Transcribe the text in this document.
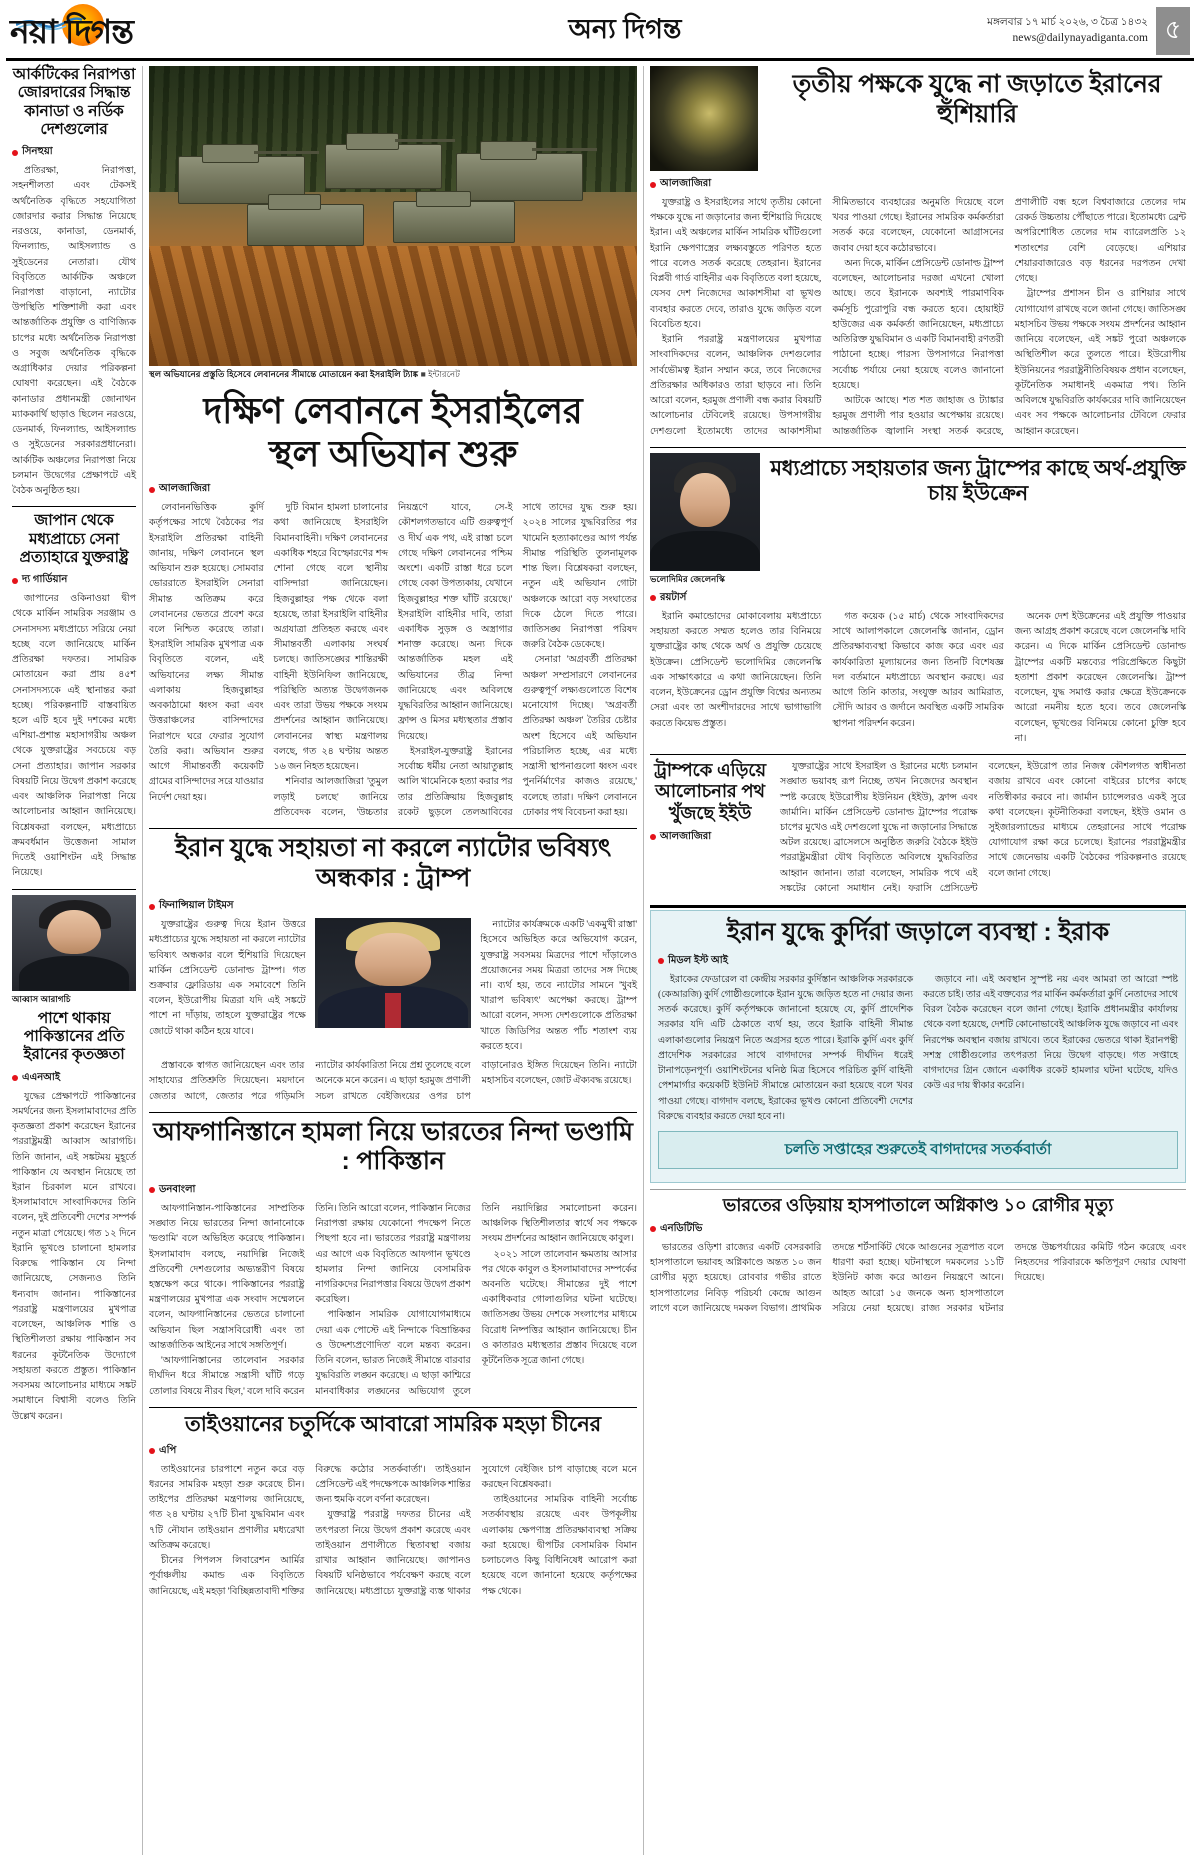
নয়া দিগন্ত	অন্য দিগন্ত	মঙ্গলবার ১৭ মার্চ ২০২৬, ৩ চৈত্র ১৪৩২
news@dailynayadiganta.com ৫
আর্কটিকের নিরাপত্তা জোরদারের সিদ্ধান্ত কানাডা ও নর্ডিক দেশগুলোর
সিনহুয়া

প্রতিরক্ষা, নিরাপত্তা, সহনশীলতা এবং টেকসই অর্থনৈতিক বৃদ্ধিতে সহযোগিতা জোরদার করার সিদ্ধান্ত নিয়েছে নরওয়ে, কানাডা, ডেনমার্ক, ফিনল্যান্ড, আইসল্যান্ড ও সুইডেনের নেতারা। যৌথ বিবৃতিতে আর্কটিক অঞ্চলে নিরাপত্তা বাড়ানো, ন্যাটোর উপস্থিতি শক্তিশালী করা এবং আন্তর্জাতিক প্রযুক্তি ও বাণিজ্যিক চাপের মধ্যে অর্থনৈতিক নিরাপত্তা ও সবুজ অর্থনৈতিক বৃদ্ধিকে অগ্রাধিকার দেয়ার পরিকল্পনা ঘোষণা করেছেন। এই বৈঠকে কানাডার প্রধানমন্ত্রী জোনাথন ম্যাককার্থি ছাড়াও ছিলেন নরওয়ে, ডেনমার্ক, ফিনল্যান্ড, আইসল্যান্ড ও সুইডেনের সরকারপ্রধানেরা। আর্কটিক অঞ্চলের নিরাপত্তা নিয়ে চলমান উদ্বেগের প্রেক্ষাপটে এই বৈঠক অনুষ্ঠিত হয়।

জাপান থেকে মধ্যপ্রাচ্যে সেনা প্রত্যাহারে যুক্তরাষ্ট্র
দ্য গার্ডিয়ান

জাপানের ওকিনাওয়া দ্বীপ থেকে মার্কিন সামরিক সরঞ্জাম ও সেনাসদস্য মধ্যপ্রাচ্যে সরিয়ে নেয়া হচ্ছে বলে জানিয়েছে মার্কিন প্রতিরক্ষা দফতর। সামরিক মোতায়েন করা প্রায় ৪৫শ সেনাসদস্যকে এই স্থানান্তর করা হচ্ছে। পরিকল্পনাটি বাস্তবায়িত হলে এটি হবে দুই দশকের মধ্যে এশিয়া-প্রশান্ত মহাসাগরীয় অঞ্চল থেকে যুক্তরাষ্ট্রের সবচেয়ে বড় সেনা প্রত্যাহার। জাপান সরকার বিষয়টি নিয়ে উদ্বেগ প্রকাশ করেছে এবং আঞ্চলিক নিরাপত্তা নিয়ে আলোচনার আহ্বান জানিয়েছে। বিশ্লেষকরা বলছেন, মধ্যপ্রাচ্যে ক্রমবর্ধমান উত্তেজনা সামাল দিতেই ওয়াশিংটন এই সিদ্ধান্ত নিয়েছে।

আব্বাস আরাগচি
পাশে থাকায় পাকিস্তানের প্রতি ইরানের কৃতজ্ঞতা
এএনআই

যুদ্ধের প্রেক্ষাপটে পাকিস্তানের সমর্থনের জন্য ইসলামাবাদের প্রতি কৃতজ্ঞতা প্রকাশ করেছেন ইরানের পররাষ্ট্রমন্ত্রী আব্বাস আরাগচি। তিনি জানান, এই সঙ্কটময় মুহূর্তে পাকিস্তান যে অবস্থান নিয়েছে তা ইরান চিরকাল মনে রাখবে। ইসলামাবাদে সাংবাদিকদের তিনি বলেন, দুই প্রতিবেশী দেশের সম্পর্ক নতুন মাত্রা পেয়েছে। গত ১২ দিনে ইরানি ভূখণ্ডে চালানো হামলার বিরুদ্ধে পাকিস্তান যে নিন্দা জানিয়েছে, সেজন্যও তিনি ধন্যবাদ জানান। পাকিস্তানের পররাষ্ট্র মন্ত্রণালয়ের মুখপাত্র বলেছেন, আঞ্চলিক শান্তি ও স্থিতিশীলতা রক্ষায় পাকিস্তান সব ধরনের কূটনৈতিক উদ্যোগে সহায়তা করতে প্রস্তুত। পাকিস্তান সবসময় আলোচনার মাধ্যমে সঙ্কট সমাধানে বিশ্বাসী বলেও তিনি উল্লেখ করেন।

স্থল অভিযানের প্রস্তুতি হিসেবে লেবাননের সীমান্তে মোতায়েন করা ইসরাইলি ট্যাঙ্ক ■ ইন্টারনেট
দক্ষিণ লেবাননে ইসরাইলের
স্থল অভিযান শুরু
আলজাজিরা

লেবাননভিত্তিক কুর্দি কর্তৃপক্ষের সাথে বৈঠকের পর ইসরাইলি প্রতিরক্ষা বাহিনী জানায়, দক্ষিণ লেবাননে স্থল অভিযান শুরু হয়েছে। সোমবার ভোররাতে ইসরাইলি সেনারা সীমান্ত অতিক্রম করে লেবাননের ভেতরে প্রবেশ করে বলে নিশ্চিত করেছে তারা। ইসরাইলি সামরিক মুখপাত্র এক বিবৃতিতে বলেন, এই অভিযানের লক্ষ্য সীমান্ত এলাকায় হিজবুল্লাহর অবকাঠামো ধ্বংস করা এবং উত্তরাঞ্চলের বাসিন্দাদের নিরাপদে ঘরে ফেরার সুযোগ তৈরি করা। অভিযান শুরুর আগে সীমান্তবর্তী কয়েকটি গ্রামের বাসিন্দাদের সরে যাওয়ার নির্দেশ দেয়া হয়।

দুটি বিমান হামলা চালানোর কথা জানিয়েছে ইসরাইলি বিমানবাহিনী। দক্ষিণ লেবাননের একাধিক শহরে বিস্ফোরণের শব্দ শোনা গেছে বলে স্থানীয় বাসিন্দারা জানিয়েছেন। হিজবুল্লাহর পক্ষ থেকে বলা হয়েছে, তারা ইসরাইলি বাহিনীর অগ্রযাত্রা প্রতিহত করছে এবং সীমান্তবর্তী এলাকায় সংঘর্ষ চলছে। জাতিসঙ্ঘের শান্তিরক্ষী বাহিনী ইউনিফিল জানিয়েছে, পরিস্থিতি অত্যন্ত উদ্বেগজনক এবং তারা উভয় পক্ষকে সংযম প্রদর্শনের আহ্বান জানিয়েছে। লেবাননের স্বাস্থ্য মন্ত্রণালয় বলছে, গত ২৪ ঘণ্টায় অন্তত ১৬ জন নিহত হয়েছেন।

শনিবার আলজাজিরা 'তুমুল লড়াই চলছে' জানিয়ে প্রতিবেদক বলেন, 'উচ্চতার নিয়ন্ত্রণে যাবে, সে-ই কৌশলগতভাবে এটি গুরুত্বপূর্ণ ও দীর্ঘ এক পথ, এই রাস্তা চলে গেছে দক্ষিণ লেবাননের পশ্চিম অংশে। একটি রাস্তা ধরে চলে গেছে বেকা উপত্যকায়, যেখানে হিজবুল্লাহর শক্ত ঘাঁটি রয়েছে।' ইসরাইলি বাহিনীর দাবি, তারা একাধিক সুড়ঙ্গ ও অস্ত্রাগার শনাক্ত করেছে। অন্য দিকে আন্তর্জাতিক মহল এই অভিযানের তীব্র নিন্দা জানিয়েছে এবং অবিলম্বে যুদ্ধবিরতির আহ্বান জানিয়েছে। ফ্রান্স ও মিসর মধ্যস্থতার প্রস্তাব দিয়েছে।

ইসরাইল-যুক্তরাষ্ট্র ইরানের সর্বোচ্চ ধর্মীয় নেতা আয়াতুল্লাহ আলি খামেনিকে হত্যা করার পর তার প্রতিক্রিয়ায় হিজবুল্লাহ রকেট ছুড়লে তেলআবিবের সাথে তাদের যুদ্ধ শুরু হয়। ২০২৪ সালের যুদ্ধবিরতির পর খামেনি হত্যাকাণ্ডের আগ পর্যন্ত সীমান্ত পরিস্থিতি তুলনামূলক শান্ত ছিল। বিশ্লেষকরা বলছেন, নতুন এই অভিযান গোটা অঞ্চলকে আরো বড় সংঘাতের দিকে ঠেলে দিতে পারে। জাতিসঙ্ঘ নিরাপত্তা পরিষদ জরুরি বৈঠক ডেকেছে।

সেনারা 'অগ্রবর্তী প্রতিরক্ষা অঞ্চল' সম্প্রসারণে লেবাননের গুরুত্বপূর্ণ লক্ষ্যগুলোতে বিশেষ মনোযোগ দিচ্ছে। 'অগ্রবর্তী প্রতিরক্ষা অঞ্চল' তৈরির চেষ্টার অংশ হিসেবে এই অভিযান পরিচালিত হচ্ছে, এর মধ্যে সন্ত্রাসী স্থাপনাগুলো ধ্বংস এবং পুনর্নির্মাণের কাজও রয়েছে,' বলেছে তারা। দক্ষিণ লেবাননে ঢোকার পথ বিবেচনা করা হয়।

ইরান যুদ্ধে সহায়তা না করলে ন্যাটোর ভবিষ্যৎ অন্ধকার : ট্রাম্প
ফিনান্সিয়াল টাইমস

যুক্তরাষ্ট্রের গুরুত্ব দিয়ে ইরান উত্তরে মধ্যপ্রাচ্যের যুদ্ধে সহায়তা না করলে ন্যাটোর ভবিষ্যৎ অন্ধকার বলে হুঁশিয়ারি দিয়েছেন মার্কিন প্রেসিডেন্ট ডোনাল্ড ট্রাম্প। গত শুক্রবার ফ্লোরিডায় এক সমাবেশে তিনি বলেন, ইউরোপীয় মিত্ররা যদি এই সঙ্কটে পাশে না দাঁড়ায়, তাহলে যুক্তরাষ্ট্রের পক্ষে জোটে থাকা কঠিন হয়ে যাবে।

ন্যাটোর কার্যক্রমকে একটি 'একমুখী রাস্তা' হিসেবে অভিহিত করে অভিযোগ করেন, যুক্তরাষ্ট্র সবসময় মিত্রদের পাশে দাঁড়ালেও প্রয়োজনের সময় মিত্ররা তাদের সঙ্গ দিচ্ছে না। ব্যর্থ হয়, তবে ন্যাটোর সামনে 'খুবই খারাপ ভবিষ্যৎ' অপেক্ষা করছে। ট্রাম্প আরো বলেন, সদস্য দেশগুলোকে প্রতিরক্ষা খাতে জিডিপির অন্তত পাঁচ শতাংশ ব্যয় করতে হবে।

প্রস্তাবকে স্বাগত জানিয়েছেন এবং তার সাহায্যের প্রতিশ্রুতি দিয়েছেন। ময়দানে জেতার আগে, জেতার পরে গড়িমসি ন্যাটোর কার্যকারিতা নিয়ে প্রশ্ন তুলেছে বলে অনেকে মনে করেন। এ ছাড়া হরমুজ প্রণালী সচল রাখতে বেইজিংয়ের ওপর চাপ বাড়ানোরও ইঙ্গিত দিয়েছেন তিনি। ন্যাটো মহাসচিব বলেছেন, জোট ঐক্যবদ্ধ রয়েছে।

আফগানিস্তানে হামলা নিয়ে ভারতের নিন্দা ভণ্ডামি : পাকিস্তান
ডনবাংলা

আফগানিস্তান-পাকিস্তানের সাম্প্রতিক সঙ্ঘাত নিয়ে ভারতের নিন্দা জানানোকে 'ভণ্ডামি' বলে অভিহিত করেছে পাকিস্তান। ইসলামাবাদ বলছে, নয়াদিল্লি নিজেই প্রতিবেশী দেশগুলোর অভ্যন্তরীণ বিষয়ে হস্তক্ষেপ করে থাকে। পাকিস্তানের পররাষ্ট্র মন্ত্রণালয়ের মুখপাত্র এক সংবাদ সম্মেলনে বলেন, আফগানিস্তানের ভেতরে চালানো অভিযান ছিল সন্ত্রাসবিরোধী এবং তা আন্তর্জাতিক আইনের সাথে সঙ্গতিপূর্ণ।

'আফগানিস্তানের তালেবান সরকার দীর্ঘদিন ধরে সীমান্তে সন্ত্রাসী ঘাঁটি গড়ে তোলার বিষয়ে নীরব ছিল,' বলে দাবি করেন তিনি। তিনি আরো বলেন, পাকিস্তান নিজের নিরাপত্তা রক্ষায় যেকোনো পদক্ষেপ নিতে পিছপা হবে না। ভারতের পররাষ্ট্র মন্ত্রণালয় এর আগে এক বিবৃতিতে আফগান ভূখণ্ডে হামলার নিন্দা জানিয়ে বেসামরিক নাগরিকদের নিরাপত্তার বিষয়ে উদ্বেগ প্রকাশ করেছিল।

পাকিস্তান সামরিক যোগাযোগমাধ্যমে দেয়া এক পোস্টে এই নিন্দাকে 'বিভ্রান্তিকর ও উদ্দেশ্যপ্রণোদিত' বলে মন্তব্য করেন। তিনি বলেন, ভারত নিজেই সীমান্তে বারবার যুদ্ধবিরতি লঙ্ঘন করেছে। এ ছাড়া কাশ্মিরে মানবাধিকার লঙ্ঘনের অভিযোগ তুলে তিনি নয়াদিল্লির সমালোচনা করেন। আঞ্চলিক স্থিতিশীলতার স্বার্থে সব পক্ষকে সংযম প্রদর্শনের আহ্বান জানিয়েছে কাবুল।

২০২১ সালে তালেবান ক্ষমতায় আসার পর থেকে কাবুল ও ইসলামাবাদের সম্পর্কের অবনতি ঘটেছে। সীমান্তের দুই পাশে একাধিকবার গোলাগুলির ঘটনা ঘটেছে। জাতিসঙ্ঘ উভয় দেশকে সংলাপের মাধ্যমে বিরোধ নিষ্পত্তির আহ্বান জানিয়েছে। চীন ও কাতারও মধ্যস্থতার প্রস্তাব দিয়েছে বলে কূটনৈতিক সূত্রে জানা গেছে।

তাইওয়ানের চতুর্দিকে আবারো সামরিক মহড়া চীনের
এপি

তাইওয়ানের চারপাশে নতুন করে বড় ধরনের সামরিক মহড়া শুরু করেছে চীন। তাইপের প্রতিরক্ষা মন্ত্রণালয় জানিয়েছে, গত ২৪ ঘণ্টায় ২৭টি চীনা যুদ্ধবিমান এবং ৭টি নৌযান তাইওয়ান প্রণালীর মধ্যরেখা অতিক্রম করেছে।

চীনের পিপলস লিবারেশন আর্মির পূর্বাঞ্চলীয় কমান্ড এক বিবৃতিতে জানিয়েছে, এই মহড়া 'বিচ্ছিন্নতাবাদী শক্তির বিরুদ্ধে কঠোর সতর্কবার্তা'। তাইওয়ান প্রেসিডেন্ট এই পদক্ষেপকে আঞ্চলিক শান্তির জন্য হুমকি বলে বর্ণনা করেছেন।

যুক্তরাষ্ট্র পররাষ্ট্র দফতর চীনের এই তৎপরতা নিয়ে উদ্বেগ প্রকাশ করেছে এবং তাইওয়ান প্রণালীতে স্থিতাবস্থা বজায় রাখার আহ্বান জানিয়েছে। জাপানও বিষয়টি ঘনিষ্ঠভাবে পর্যবেক্ষণ করছে বলে জানিয়েছে। মধ্যপ্রাচ্যে যুক্তরাষ্ট্র ব্যস্ত থাকার সুযোগে বেইজিং চাপ বাড়াচ্ছে বলে মনে করছেন বিশ্লেষকরা।

তাইওয়ানের সামরিক বাহিনী সর্বোচ্চ সতর্কাবস্থায় রয়েছে এবং উপকূলীয় এলাকায় ক্ষেপণাস্ত্র প্রতিরক্ষাব্যবস্থা সক্রিয় করা হয়েছে। দ্বীপটির বেসামরিক বিমান চলাচলেও কিছু বিধিনিষেধ আরোপ করা হয়েছে বলে জানানো হয়েছে কর্তৃপক্ষের পক্ষ থেকে।

তৃতীয় পক্ষকে যুদ্ধে না জড়াতে ইরানের হুঁশিয়ারি
আলজাজিরা

যুক্তরাষ্ট্র ও ইসরাইলের সাথে তৃতীয় কোনো পক্ষকে যুদ্ধে না জড়ানোর জন্য হুঁশিয়ারি দিয়েছে ইরান। এই অঞ্চলের মার্কিন সামরিক ঘাঁটিগুলো ইরানি ক্ষেপণাস্ত্রের লক্ষ্যবস্তুতে পরিণত হতে পারে বলেও সতর্ক করেছে তেহরান। ইরানের বিপ্লবী গার্ড বাহিনীর এক বিবৃতিতে বলা হয়েছে, যেসব দেশ নিজেদের আকাশসীমা বা ভূখণ্ড ব্যবহার করতে দেবে, তারাও যুদ্ধে জড়িত বলে বিবেচিত হবে।

ইরানি পররাষ্ট্র মন্ত্রণালয়ের মুখপাত্র সাংবাদিকদের বলেন, আঞ্চলিক দেশগুলোর সার্বভৌমত্ব ইরান সম্মান করে, তবে নিজেদের প্রতিরক্ষার অধিকারও তারা ছাড়বে না। তিনি আরো বলেন, হরমুজ প্রণালী বন্ধ করার বিষয়টি আলোচনার টেবিলেই রয়েছে। উপসাগরীয় দেশগুলো ইতোমধ্যে তাদের আকাশসীমা সীমিতভাবে ব্যবহারের অনুমতি দিয়েছে বলে খবর পাওয়া গেছে। ইরানের সামরিক কর্মকর্তারা সতর্ক করে বলেছেন, যেকোনো আগ্রাসনের জবাব দেয়া হবে কঠোরভাবে।

অন্য দিকে, মার্কিন প্রেসিডেন্ট ডোনাল্ড ট্রাম্প বলেছেন, আলোচনার দরজা এখনো খোলা আছে। তবে ইরানকে অবশ্যই পারমাণবিক কর্মসূচি পুরোপুরি বন্ধ করতে হবে। হোয়াইট হাউজের এক কর্মকর্তা জানিয়েছেন, মধ্যপ্রাচ্যে অতিরিক্ত যুদ্ধবিমান ও একটি বিমানবাহী রণতরী পাঠানো হচ্ছে। পারস্য উপসাগরে নিরাপত্তা সর্বোচ্চ পর্যায়ে নেয়া হয়েছে বলেও জানানো হয়েছে।

আটকে আছে। শত শত জাহাজ ও ট্যাঙ্কার হরমুজ প্রণালী পার হওয়ার অপেক্ষায় রয়েছে। আন্তর্জাতিক জ্বালানি সংস্থা সতর্ক করেছে, প্রণালীটি বন্ধ হলে বিশ্ববাজারে তেলের দাম রেকর্ড উচ্চতায় পৌঁছাতে পারে। ইতোমধ্যে ব্রেন্ট অপরিশোধিত তেলের দাম ব্যারেলপ্রতি ১২ শতাংশের বেশি বেড়েছে। এশিয়ার শেয়ারবাজারেও বড় ধরনের দরপতন দেখা গেছে।

ট্রাম্পের প্রশাসন চীন ও রাশিয়ার সাথে যোগাযোগ রাখছে বলে জানা গেছে। জাতিসঙ্ঘ মহাসচিব উভয় পক্ষকে সংযম প্রদর্শনের আহ্বান জানিয়ে বলেছেন, এই সঙ্কট পুরো অঞ্চলকে অস্থিতিশীল করে তুলতে পারে। ইউরোপীয় ইউনিয়নের পররাষ্ট্রনীতিবিষয়ক প্রধান বলেছেন, কূটনৈতিক সমাধানই একমাত্র পথ। তিনি অবিলম্বে যুদ্ধবিরতি কার্যকরের দাবি জানিয়েছেন এবং সব পক্ষকে আলোচনার টেবিলে ফেরার আহ্বান করেছেন।

ভলোদিমির জেলেনস্কি
মধ্যপ্রাচ্যে সহায়তার জন্য ট্রাম্পের কাছে অর্থ-প্রযুক্তি চায় ইউক্রেন
রয়টার্স

ইরানি কমান্ডোদের মোকাবেলায় মধ্যপ্রাচ্যে সহায়তা করতে সম্মত হলেও তার বিনিময়ে যুক্তরাষ্ট্রের কাছ থেকে অর্থ ও প্রযুক্তি চেয়েছে ইউক্রেন। প্রেসিডেন্ট ভলোদিমির জেলেনস্কি এক সাক্ষাৎকারে এ কথা জানিয়েছেন। তিনি বলেন, ইউক্রেনের ড্রোন প্রযুক্তি বিশ্বের অন্যতম সেরা এবং তা অংশীদারদের সাথে ভাগাভাগি করতে কিয়েভ প্রস্তুত।

গত কয়েক (১৫ মার্চ) থেকে সাংবাদিকদের সাথে আলাপকালে জেলেনস্কি জানান, ড্রোন প্রতিরক্ষাব্যবস্থা কিভাবে কাজ করে এবং এর কার্যকারিতা মূল্যায়নের জন্য তিনটি বিশেষজ্ঞ দল বর্তমানে মধ্যপ্রাচ্যে অবস্থান করছে। এর আগে তিনি কাতার, সংযুক্ত আরব আমিরাত, সৌদি আরব ও জর্দানে অবস্থিত একটি সামরিক স্থাপনা পরিদর্শন করেন।

অনেক দেশ ইউক্রেনের এই প্রযুক্তি পাওয়ার জন্য আগ্রহ প্রকাশ করেছে বলে জেলেনস্কি দাবি করেন। এ দিকে মার্কিন প্রেসিডেন্ট ডোনাল্ড ট্রাম্পের একটি মন্তব্যের পরিপ্রেক্ষিতে কিছুটা হতাশা প্রকাশ করেছেন জেলেনস্কি। ট্রাম্প বলেছেন, যুদ্ধ সমাপ্ত করার ক্ষেত্রে ইউক্রেনকে আরো নমনীয় হতে হবে। তবে জেলেনস্কি বলেছেন, ভূখণ্ডের বিনিময়ে কোনো চুক্তি হবে না।

ট্রাম্পকে এড়িয়ে আলোচনার পথ খুঁজছে ইইউ
আলজাজিরা

যুক্তরাষ্ট্রের সাথে ইসরাইল ও ইরানের মধ্যে চলমান সঙ্ঘাত ভয়াবহ রূপ নিচ্ছে, তখন নিজেদের অবস্থান স্পষ্ট করেছে ইউরোপীয় ইউনিয়ন (ইইউ), ফ্রান্স এবং জার্মানি। মার্কিন প্রেসিডেন্ট ডোনাল্ড ট্রাম্পের পরোক্ষ চাপের মুখেও এই দেশগুলো যুদ্ধে না জড়ানোর সিদ্ধান্তে অটল রয়েছে। ব্রাসেলসে অনুষ্ঠিত জরুরি বৈঠকে ইইউ পররাষ্ট্রমন্ত্রীরা যৌথ বিবৃতিতে অবিলম্বে যুদ্ধবিরতির আহ্বান জানান। তারা বলেছেন, সামরিক পথে এই সঙ্কটের কোনো সমাধান নেই। ফরাসি প্রেসিডেন্ট বলেছেন, ইউরোপ তার নিজস্ব কৌশলগত স্বাধীনতা বজায় রাখবে এবং কোনো বাইরের চাপের কাছে নতিস্বীকার করবে না। জার্মান চ্যান্সেলরও একই সুরে কথা বলেছেন। কূটনীতিকরা বলছেন, ইইউ ওমান ও সুইজারল্যান্ডের মাধ্যমে তেহরানের সাথে পরোক্ষ যোগাযোগ রক্ষা করে চলেছে। ইরানের পররাষ্ট্রমন্ত্রীর সাথে জেনেভায় একটি বৈঠকের পরিকল্পনাও রয়েছে বলে জানা গেছে।

ইরান যুদ্ধে কুর্দিরা জড়ালে ব্যবস্থা : ইরাক
মিডল ইস্ট আই

ইরাকের ফেডারেল বা কেন্দ্রীয় সরকার কুর্দিস্তান আঞ্চলিক সরকারকে (কেআরজি) কুর্দি গোষ্ঠীগুলোকে ইরান যুদ্ধে জড়িত হতে না দেয়ার জন্য সতর্ক করেছে। কুর্দি কর্তৃপক্ষকে জানানো হয়েছে যে, কুর্দি প্রাদেশিক সরকার যদি এটি ঠেকাতে ব্যর্থ হয়, তবে ইরাকি বাহিনী সীমান্ত এলাকাগুলোর নিয়ন্ত্রণ নিতে অগ্রসর হতে পারে। ইরাকি কুর্দি এবং কুর্দি প্রাদেশিক সরকারের সাথে বাগদাদের সম্পর্ক দীর্ঘদিন ধরেই টানাপড়েনপূর্ণ। ওয়াশিংটনের ঘনিষ্ঠ মিত্র হিসেবে পরিচিত কুর্দি বাহিনী পেশমার্গার কয়েকটি ইউনিট সীমান্তে মোতায়েন করা হয়েছে বলে খবর পাওয়া গেছে। বাগদাদ বলছে, ইরাকের ভূখণ্ড কোনো প্রতিবেশী দেশের বিরুদ্ধে ব্যবহার করতে দেয়া হবে না।

জড়াবে না। এই অবস্থান সুস্পষ্ট নয় এবং আমরা তা আরো স্পষ্ট করতে চাই। তার এই বক্তব্যের পর মার্কিন কর্মকর্তারা কুর্দি নেতাদের সাথে বিরল বৈঠক করেছেন বলে জানা গেছে। ইরাকি প্রধানমন্ত্রীর কার্যালয় থেকে বলা হয়েছে, দেশটি কোনোভাবেই আঞ্চলিক যুদ্ধে জড়াবে না এবং নিরপেক্ষ অবস্থান বজায় রাখবে। তবে ইরাকের ভেতরে থাকা ইরানপন্থী সশস্ত্র গোষ্ঠীগুলোর তৎপরতা নিয়ে উদ্বেগ বাড়ছে। গত সপ্তাহে বাগদাদের গ্রিন জোনে একাধিক রকেট হামলার ঘটনা ঘটেছে, যদিও কেউ এর দায় স্বীকার করেনি।

চলতি সপ্তাহের শুরুতেই বাগদাদের সতর্কবার্তা
ভারতের ওড়িয়ায় হাসপাতালে অগ্নিকাণ্ড ১০ রোগীর মৃত্যু
এনডিটিভি

ভারতের ওড়িশা রাজ্যের একটি বেসরকারি হাসপাতালে ভয়াবহ অগ্নিকাণ্ডে অন্তত ১০ জন রোগীর মৃত্যু হয়েছে। রোববার গভীর রাতে হাসপাতালের নিবিড় পরিচর্যা কেন্দ্রে আগুন লাগে বলে জানিয়েছে দমকল বিভাগ। প্রাথমিক তদন্তে শর্টসার্কিট থেকে আগুনের সূত্রপাত বলে ধারণা করা হচ্ছে। ঘটনাস্থলে দমকলের ১১টি ইউনিট কাজ করে আগুন নিয়ন্ত্রণে আনে। আহত আরো ১৫ জনকে অন্য হাসপাতালে সরিয়ে নেয়া হয়েছে। রাজ্য সরকার ঘটনার তদন্তে উচ্চপর্যায়ের কমিটি গঠন করেছে এবং নিহতদের পরিবারকে ক্ষতিপূরণ দেয়ার ঘোষণা দিয়েছে।
